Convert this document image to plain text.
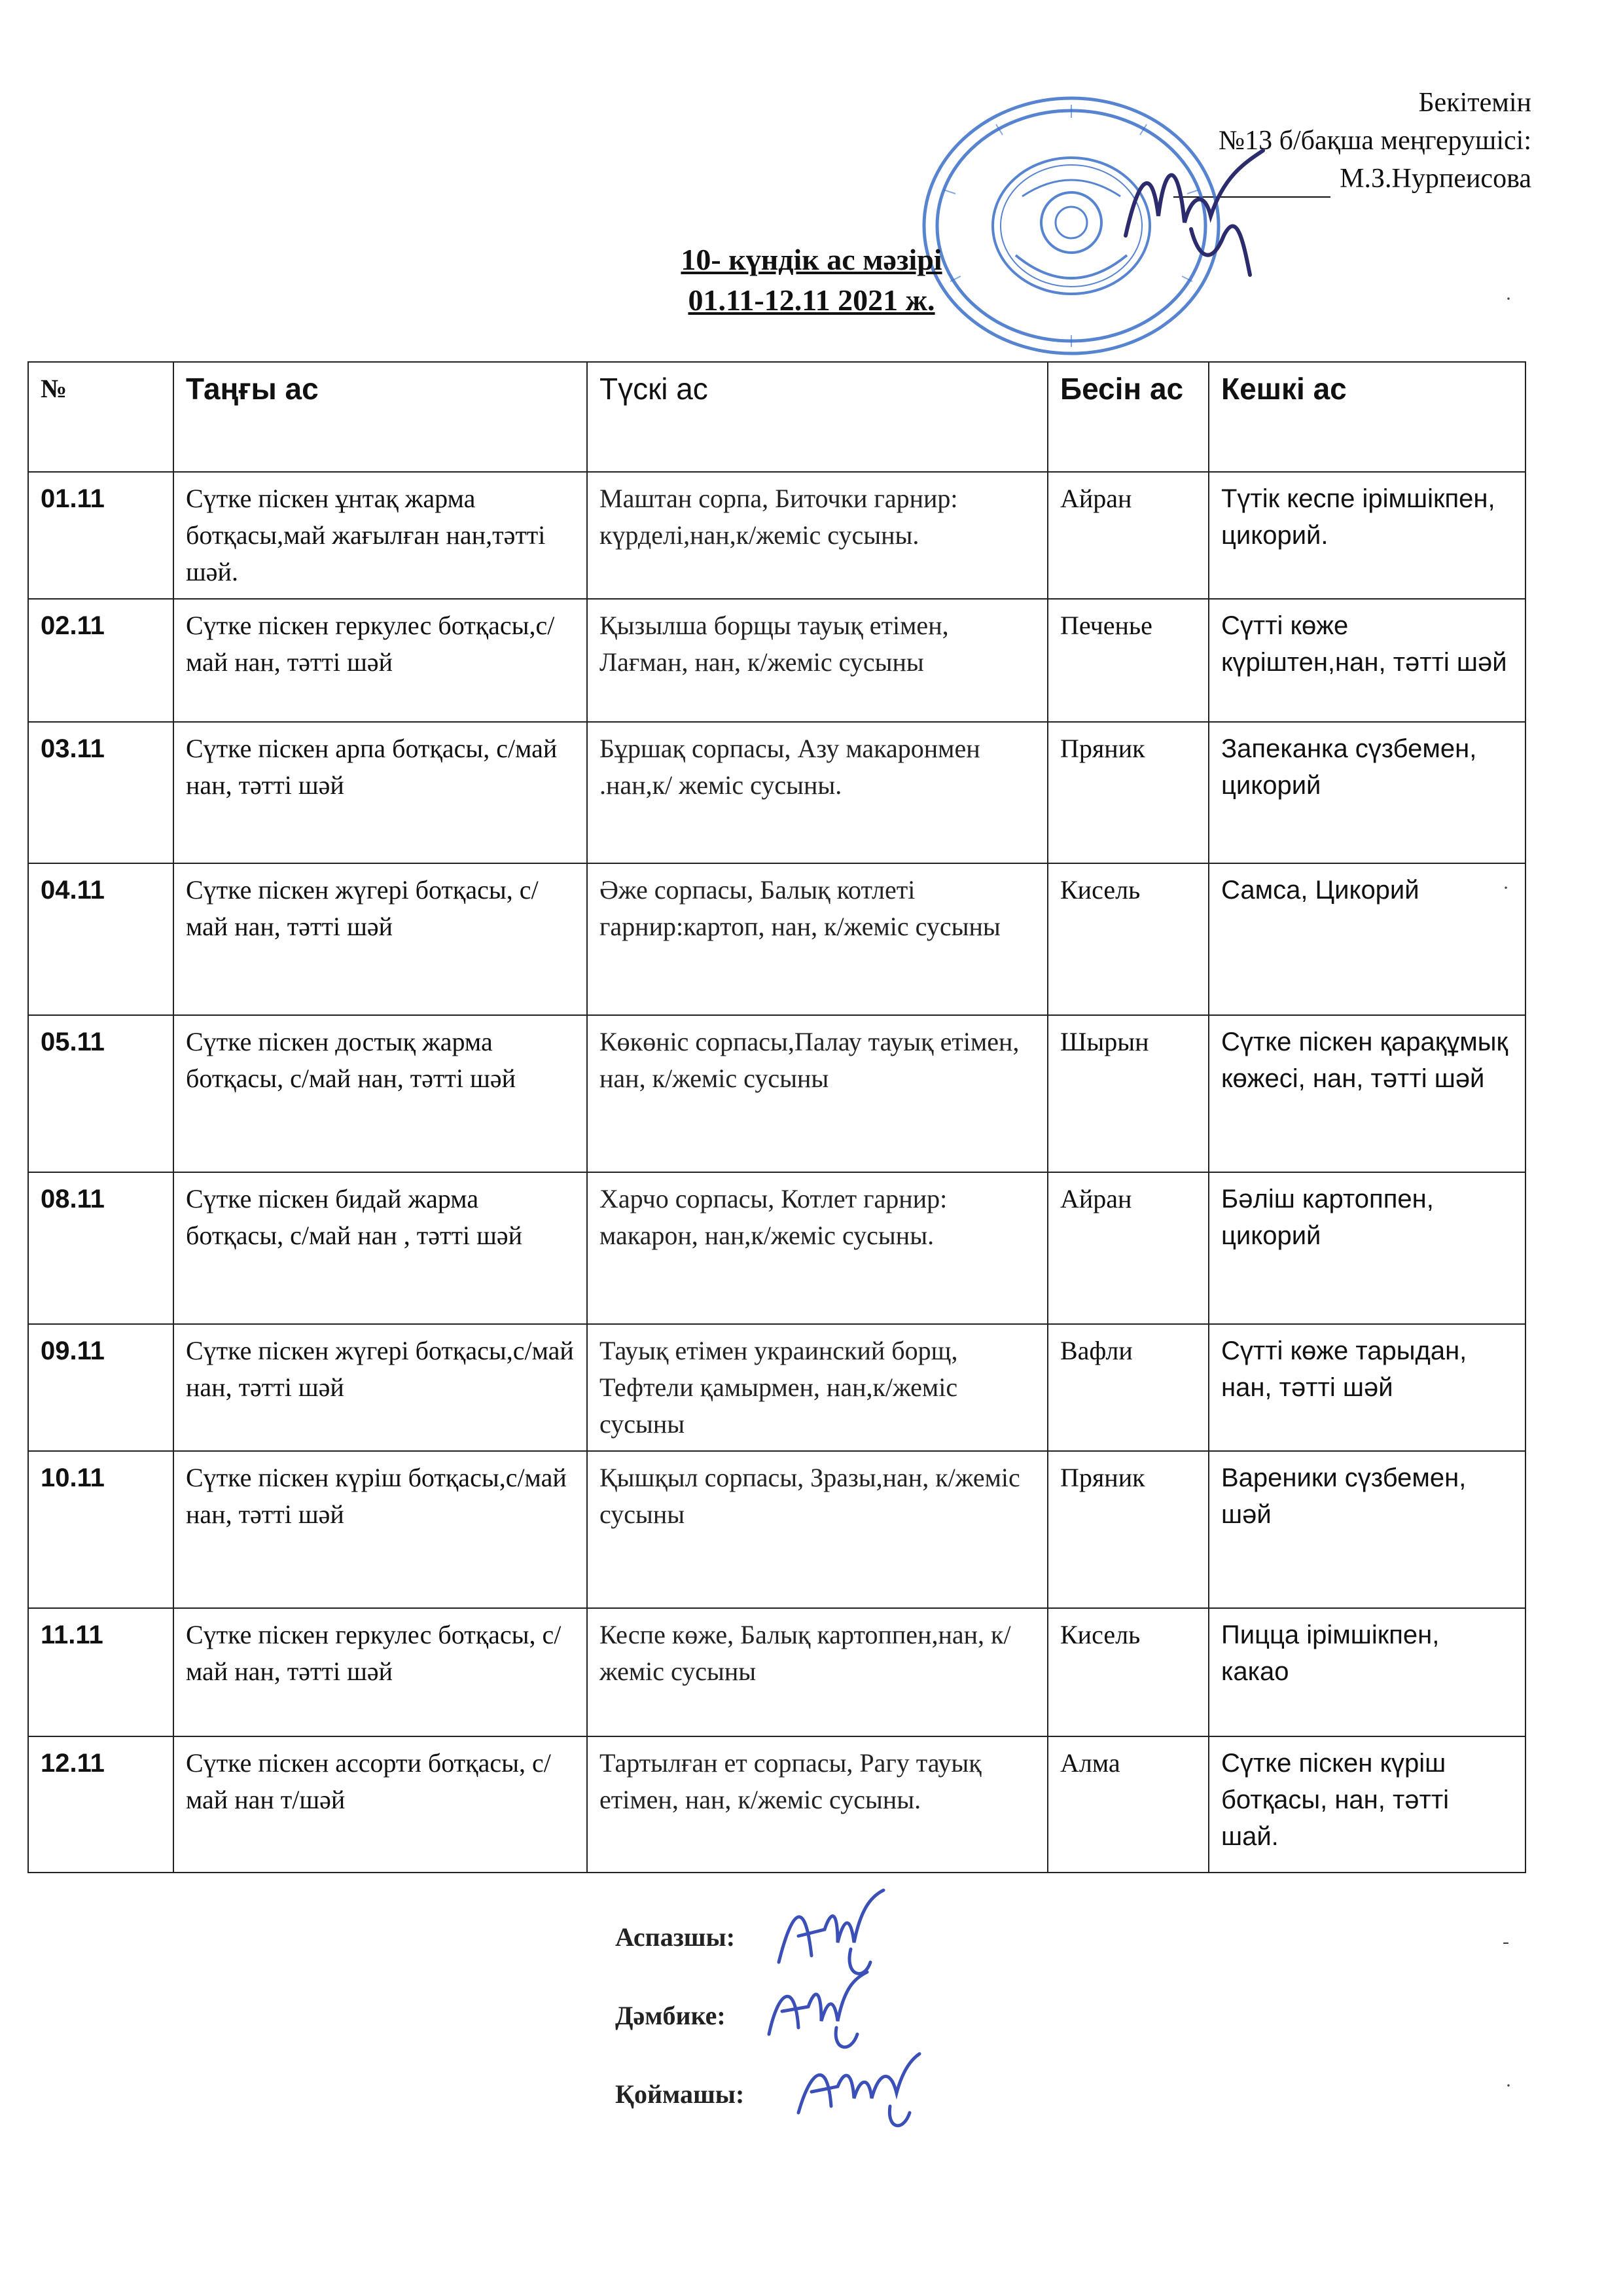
Бекітемін
№13 б/бақша меңгерушісі:
М.З.Нурпеисова
10- күндік ас мәзірі
01.11-12.11 2021 ж.
№	Таңғы ас	Түскі ас	Бесін ас	Кешкі ас
01.11	Сүтке піскен ұнтақ жарма ботқасы,май жағылған нан,тәтті шәй.	Маштан сорпа, Биточки гарнир: күрделі,нан,к/жеміс сусыны.	Айран	Түтік кеспе ірімшікпен, цикорий.
02.11	Сүтке піскен геркулес ботқасы,с/май нан, тәтті шәй	Қызылша борщы тауық етімен, Лағман, нан, к/жеміс сусыны	Печенье	Сүтті көже күріштен,нан, тәтті шәй
03.11	Сүтке піскен арпа ботқасы, с/май нан, тәтті шәй	Бұршақ сорпасы, Азу макаронмен .нан,к/ жеміс сусыны.	Пряник	Запеканка сүзбемен, цикорий
04.11	Сүтке піскен жүгері ботқасы, с/май нан, тәтті шәй	Әже сорпасы, Балық котлеті гарнир:картоп, нан, к/жеміс сусыны	Кисель	Самса, Цикорий
05.11	Сүтке піскен достық жарма ботқасы, с/май нан, тәтті шәй	Көкөніс сорпасы,Палау тауық етімен, нан, к/жеміс сусыны	Шырын	Сүтке піскен қарақұмық көжесі, нан, тәтті шәй
08.11	Сүтке піскен бидай жарма ботқасы, с/май нан , тәтті шәй	Харчо сорпасы, Котлет гарнир: макарон, нан,к/жеміс сусыны.	Айран	Бәліш картоппен, цикорий
09.11	Сүтке піскен жүгері ботқасы,с/май нан, тәтті шәй	Тауық етімен украинский борщ, Тефтели қамырмен, нан,к/жеміс сусыны	Вафли	Сүтті көже тарыдан, нан, тәтті шәй
10.11	Сүтке піскен күріш ботқасы,с/май нан, тәтті шәй	Қышқыл сорпасы, Зразы,нан, к/жеміс сусыны	Пряник	Вареники сүзбемен, шәй
11.11	Сүтке піскен геркулес ботқасы, с/май нан, тәтті шәй	Кеспе көже, Балық картоппен,нан, к/жеміс сусыны	Кисель	Пицца ірімшікпен, какао
12.11	Сүтке піскен ассорти ботқасы, с/май нан т/шәй	Тартылған ет сорпасы, Рагу тауық етімен, нан, к/жеміс сусыны.	Алма	Сүтке піскен күріш ботқасы, нан, тәтті шай.
Аспазшы:
Дәмбике:
Қоймашы:
·
·
-
·
